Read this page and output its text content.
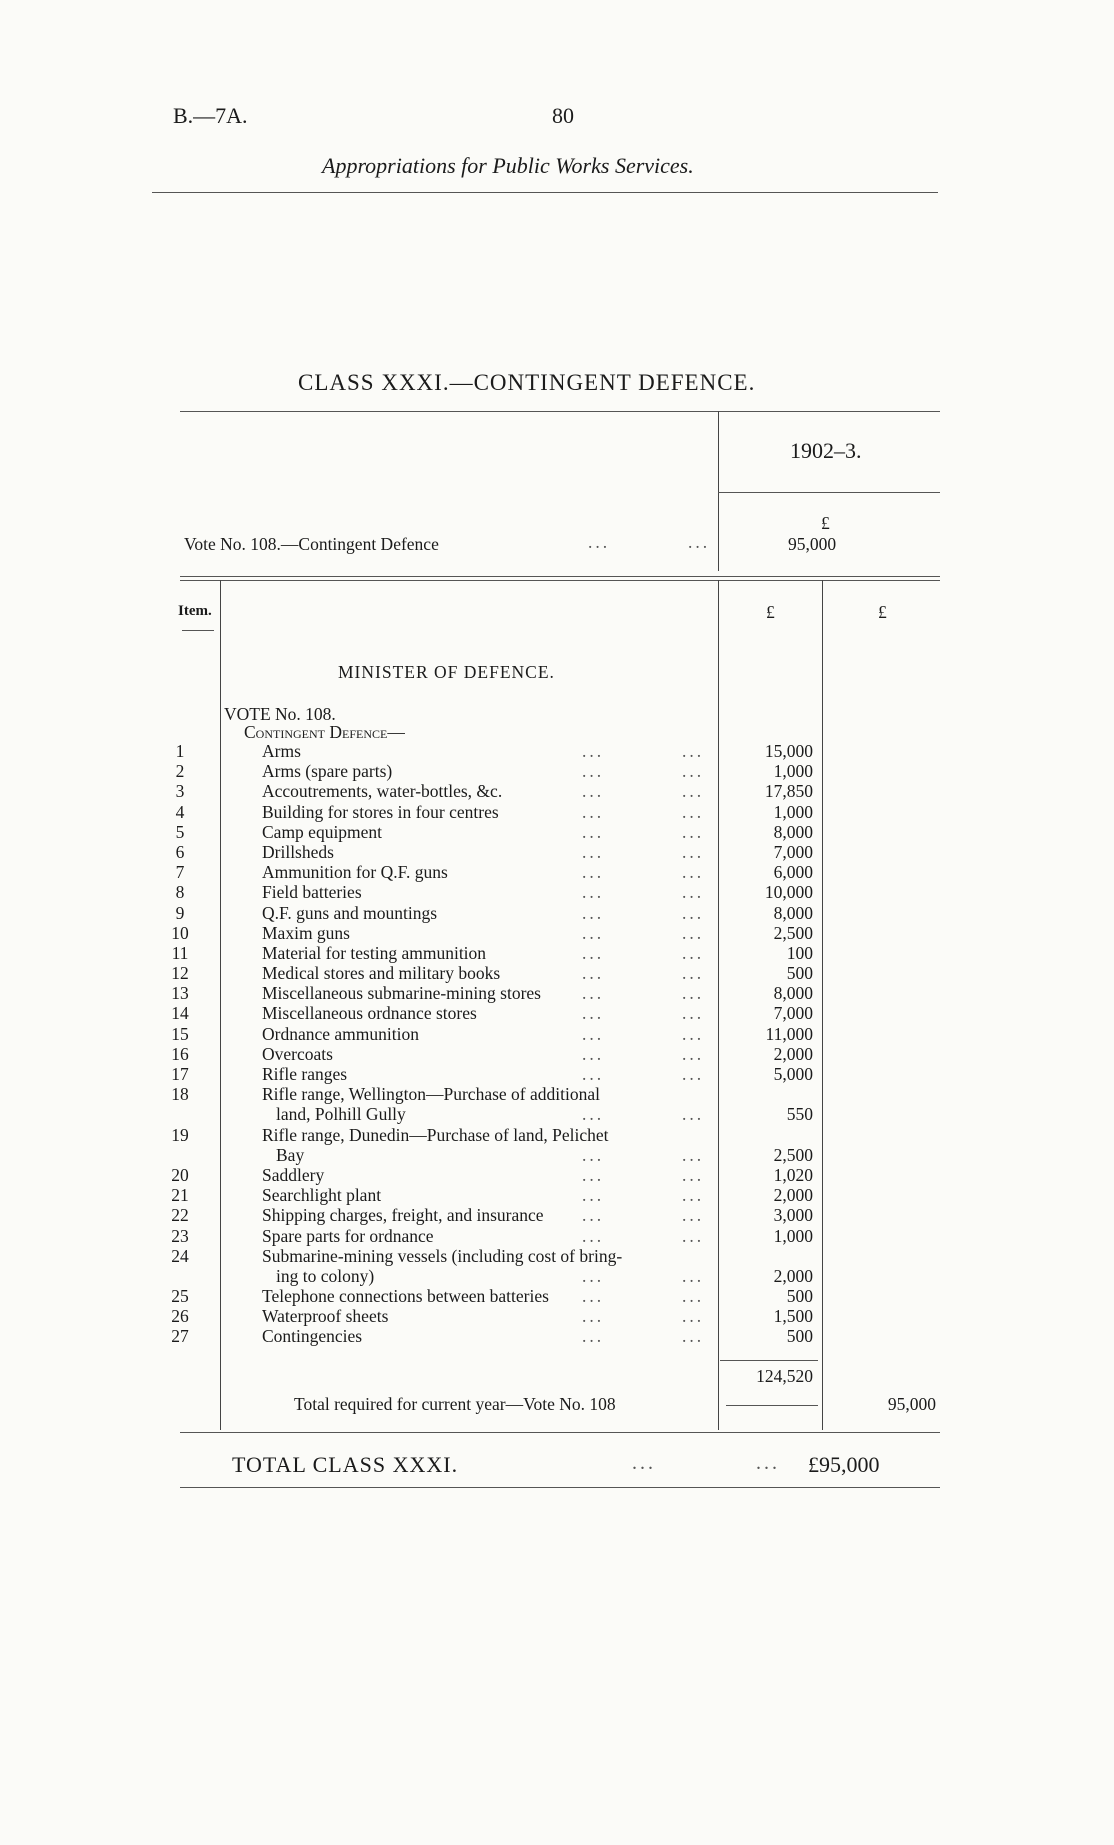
B.—7A.	80
Appropriations for Public Works Services.
CLASS XXXI.—CONTINGENT DEFENCE.
1902–3.
£
Vote No. 108.—Contingent Defence	...	...	95,000
Item.	£	£
MINISTER OF DEFENCE.
VOTE No. 108.
Contingent Defence—
1	Arms	...	...	15,000
2	Arms (spare parts)	...	...	1,000
3	Accoutrements, water-bottles, &c.	...	...	17,850
4	Building for stores in four centres	...	...	1,000
5	Camp equipment	...	...	8,000
6	Drillsheds	...	...	7,000
7	Ammunition for Q.F. guns	...	...	6,000
8	Field batteries	...	...	10,000
9	Q.F. guns and mountings	...	...	8,000
10	Maxim guns	...	...	2,500
11	Material for testing ammunition	...	...	100
12	Medical stores and military books	...	...	500
13	Miscellaneous submarine-mining stores	...	...	8,000
14	Miscellaneous ordnance stores	...	...	7,000
15	Ordnance ammunition	...	...	11,000
16	Overcoats	...	...	2,000
17	Rifle ranges	...	...	5,000
18	Rifle range, Wellington—Purchase of additional
land, Polhill Gully	...	...	550
19	Rifle range, Dunedin—Purchase of land, Pelichet
Bay	...	...	2,500
20	Saddlery	...	...	1,020
21	Searchlight plant	...	...	2,000
22	Shipping charges, freight, and insurance	...	...	3,000
23	Spare parts for ordnance	...	...	1,000
24	Submarine-mining vessels (including cost of bring-
ing to colony)	...	...	2,000
25	Telephone connections between batteries	...	...	500
26	Waterproof sheets	...	...	1,500
27	Contingencies	...	...	500
124,520
Total required for current year—Vote No. 108	95,000
TOTAL CLASS XXXI.	...	... £95,000
